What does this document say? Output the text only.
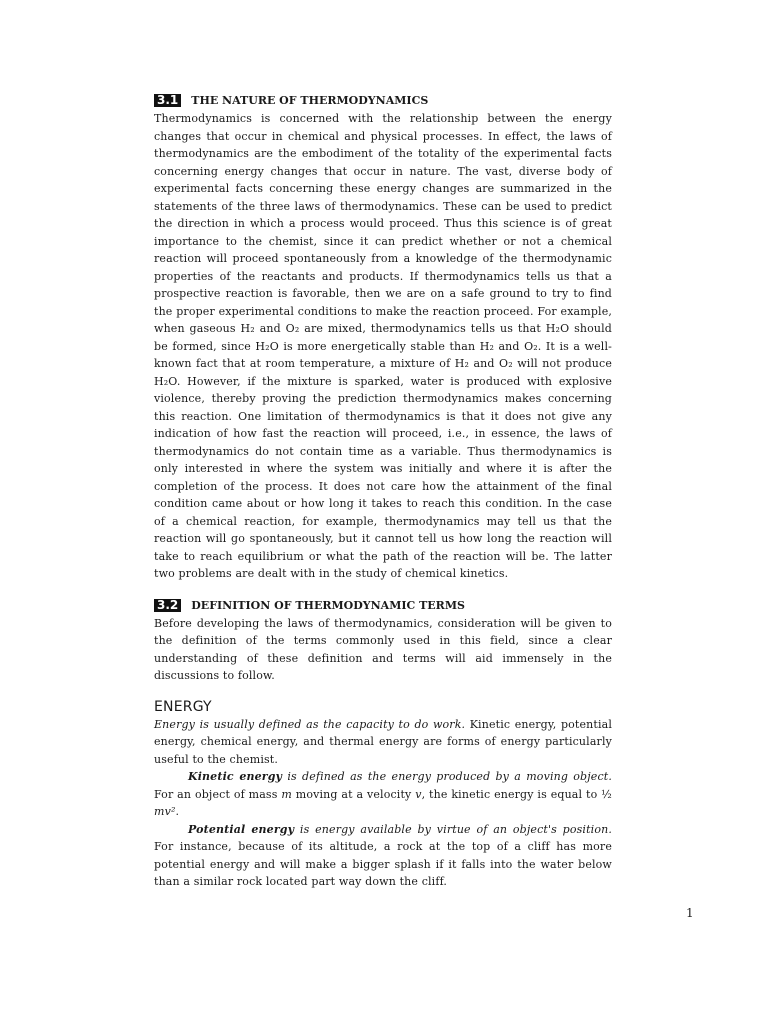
3.1 THE NATURE OF THERMODYNAMICS

Thermodynamics is concerned with the relationship between the energy changes that occur in chemical and physical processes. In effect, the laws of thermodynamics are the embodiment of the totality of the experimental facts concerning energy changes that occur in nature. The vast, diverse body of experimental facts concerning these energy changes are summarized in the statements of the three laws of thermodynamics. These can be used to predict the direction in which a process would proceed. Thus this science is of great importance to the chemist, since it can predict whether or not a chemical reaction will proceed spontaneously from a knowledge of the thermodynamic properties of the reactants and products. If thermodynamics tells us that a prospective reaction is favorable, then we are on a safe ground to try to find the proper experimental conditions to make the reaction proceed. For example, when gaseous H₂ and O₂ are mixed, thermodynamics tells us that H₂O should be formed, since H₂O is more energetically stable than H₂ and O₂. It is a well-known fact that at room temperature, a mixture of H₂ and O₂ will not produce H₂O. However, if the mixture is sparked, water is produced with explosive violence, thereby proving the prediction thermodynamics makes concerning this reaction. One limitation of thermodynamics is that it does not give any indication of how fast the reaction will proceed, i.e., in essence, the laws of thermodynamics do not contain time as a variable. Thus thermodynamics is only interested in where the system was initially and where it is after the completion of the process. It does not care how the attainment of the final condition came about or how long it takes to reach this condition. In the case of a chemical reaction, for example, thermodynamics may tell us that the reaction will go spontaneously, but it cannot tell us how long the reaction will take to reach equilibrium or what the path of the reaction will be. The latter two problems are dealt with in the study of chemical kinetics.

3.2 DEFINITION OF THERMODYNAMIC TERMS

Before developing the laws of thermodynamics, consideration will be given to the definition of the terms commonly used in this field, since a clear understanding of these definition and terms will aid immensely in the discussions to follow.

ENERGY

Energy is usually defined as the capacity to do work. Kinetic energy, potential energy, chemical energy, and thermal energy are forms of energy particularly useful to the chemist.

Kinetic energy is defined as the energy produced by a moving object. For an object of mass m moving at a velocity v, the kinetic energy is equal to ½ mv².

Potential energy is energy available by virtue of an object's position. For instance, because of its altitude, a rock at the top of a cliff has more potential energy and will make a bigger splash if it falls into the water below than a similar rock located part way down the cliff.

1
